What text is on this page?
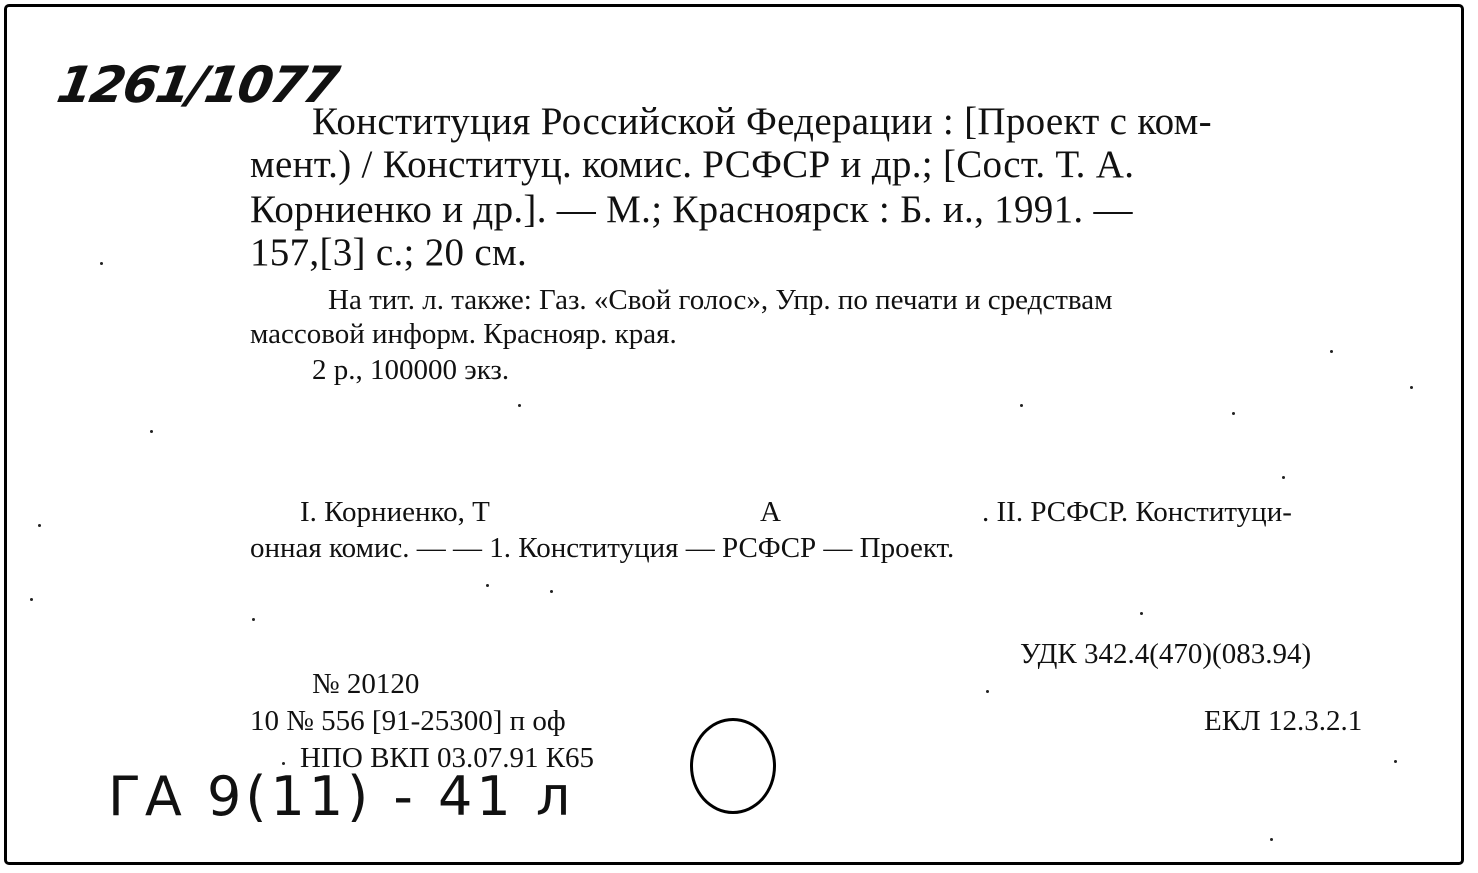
1261/1077
Конституция Российской Федерации : [Проект с ком-
мент.) / Конституц. комис. РСФСР и др.; [Сост. Т. А.
Корниенко и др.]. — М.; Красноярск : Б. и., 1991. —
157,[3] с.; 20 см.
На тит. л. также: Газ. «Свой голос», Упр. по печати и средствам
массовой информ. Краснояр. края.
2 р., 100000 экз.
I. Корниенко, Т	А	. II. РСФСР. Конституци-
онная комис. — — 1. Конституция — РСФСР — Проект.
УДК 342.4(470)(083.94)
ЕКЛ 12.3.2.1
№ 20120
10 № 556 [91-25300] п оф
НПО ВКП 03.07.91 К65
ГА 9(11) - 41 л
